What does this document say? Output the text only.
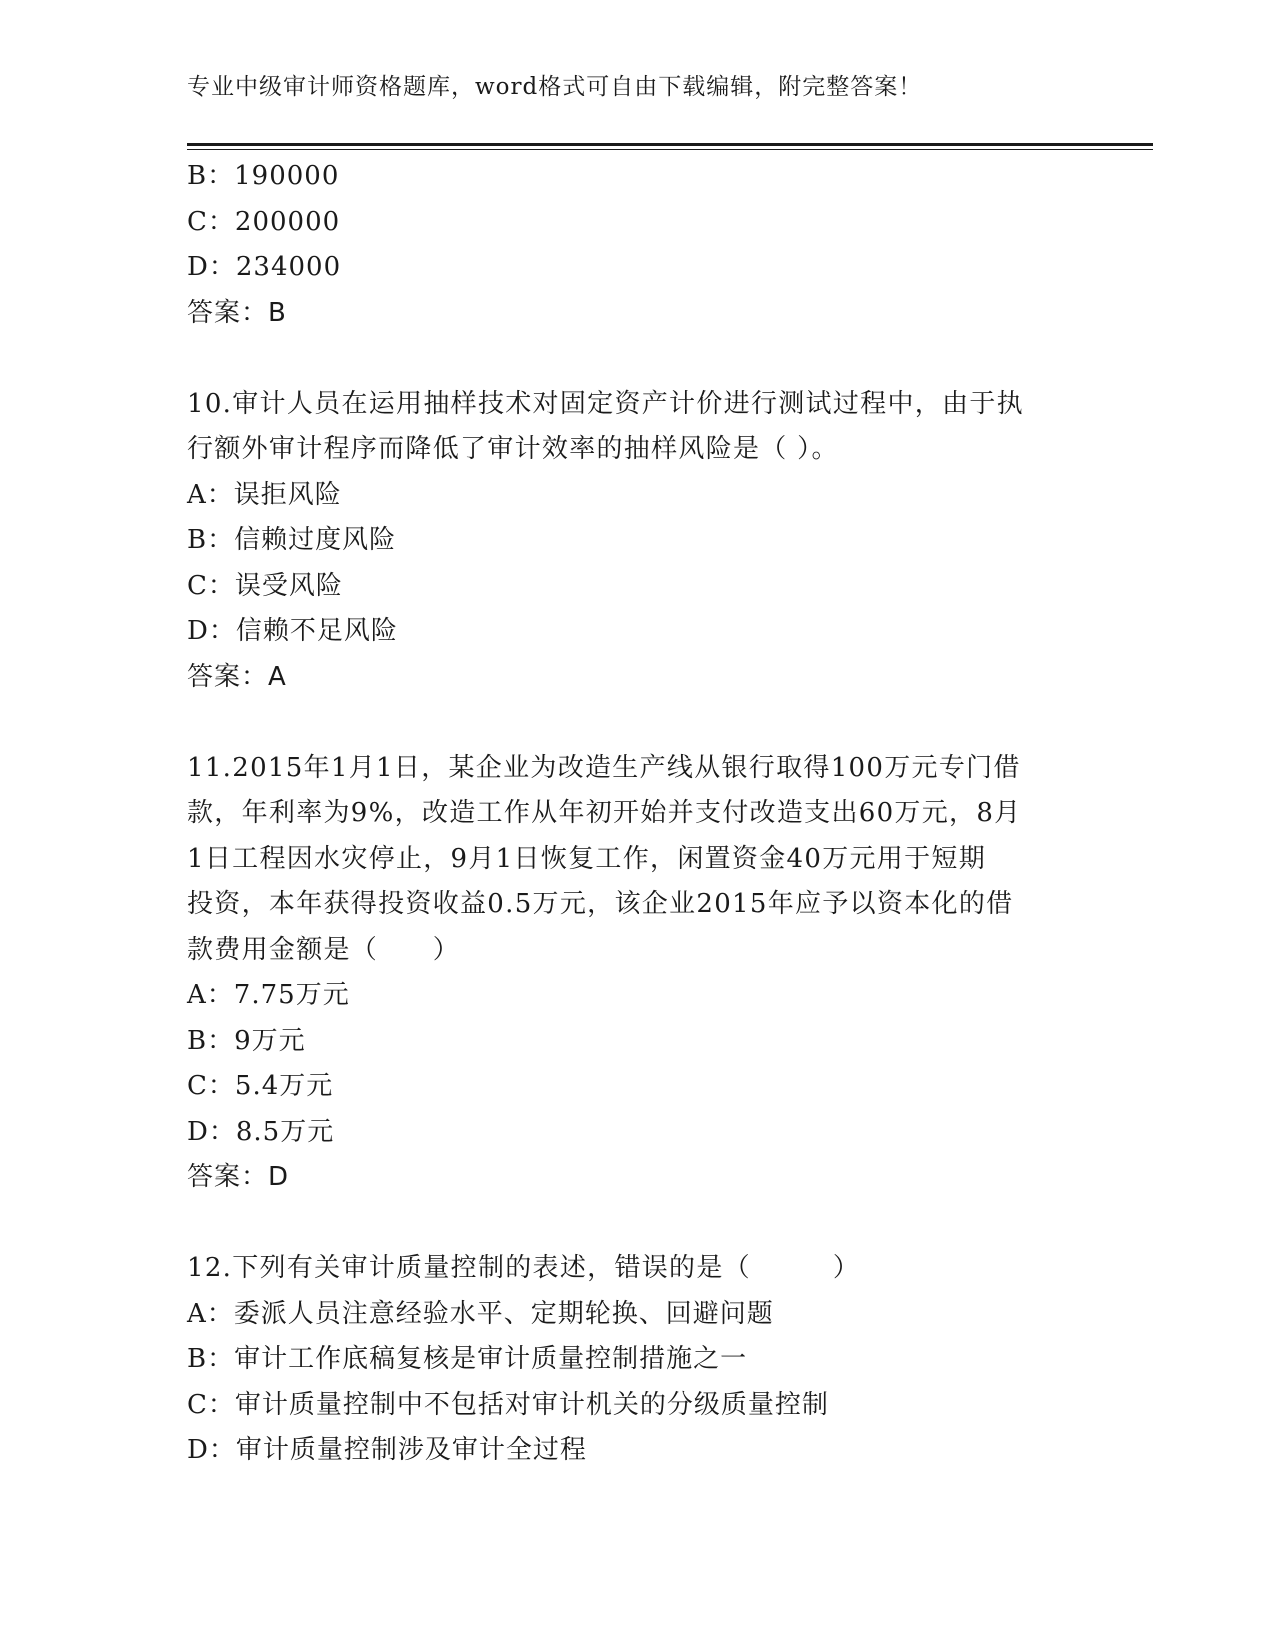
专业中级审计师资格题库，word格式可自由下载编辑，附完整答案！
B：190000
C：200000
D：234000
答案：B
10.审计人员在运用抽样技术对固定资产计价进行测试过程中，由于执
行额外审计程序而降低了审计效率的抽样风险是（ ）。
A：误拒风险
B：信赖过度风险
C：误受风险
D：信赖不足风险
答案：A
11.2015年1月1日，某企业为改造生产线从银行取得100万元专门借
款，年利率为9%，改造工作从年初开始并支付改造支出60万元，8月
1日工程因水灾停止，9月1日恢复工作，闲置资金40万元用于短期
投资，本年获得投资收益0.5万元，该企业2015年应予以资本化的借
款费用金额是（　　）
A：7.75万元
B：9万元
C：5.4万元
D：8.5万元
答案：D
12.下列有关审计质量控制的表述，错误的是（　　　）
A：委派人员注意经验水平、定期轮换、回避问题
B：审计工作底稿复核是审计质量控制措施之一
C：审计质量控制中不包括对审计机关的分级质量控制
D：审计质量控制涉及审计全过程
